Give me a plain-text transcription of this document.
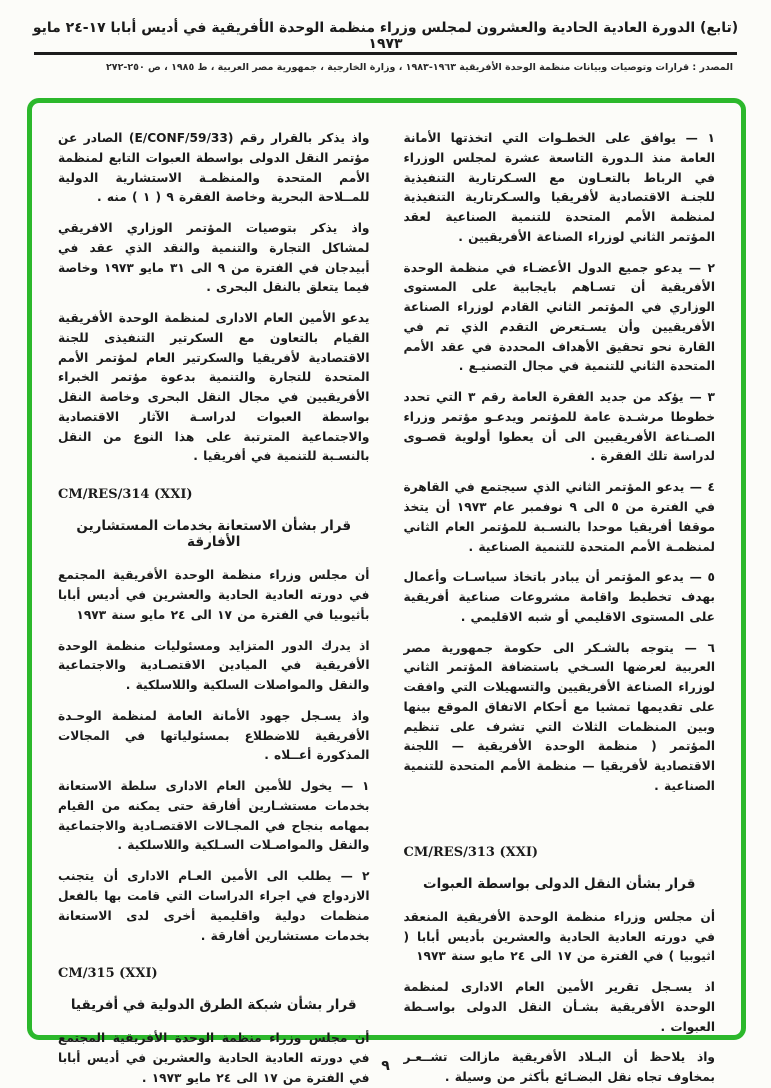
(تابع) الدورة العادية الحادية والعشرون لمجلس وزراء منظمة الوحدة الأفريقية في أديس أبابا ١٧-٢٤ مايو ١٩٧٣
المصدر : قرارات وتوصيات وبيانات منظمة الوحدة الأفريقية ١٩٦٣-١٩٨٣ ، وزارة الخارجية ، جمهورية مصر العربية ، ط ١٩٨٥ ، ص ٢٥٠-٢٧٢

١ — يوافق على الخطـوات التي اتخذتها الأمانة العامة منذ الـدورة التاسعة عشرة لمجلس الوزراء في الرباط بالتعـاون مع السـكرتارية التنفيذية للجنـة الاقتصادية لأفريقيا والسـكرتارية التنفيذية لمنظمة الأمم المتحدة للتنمية الصناعية لعقد المؤتمر الثاني لوزراء الصناعة الأفريقيين .

٢ — يدعو جميع الدول الأعضـاء في منظمة الوحدة الأفريقية أن تسـاهم بايجابية على المستوى الوزاري في المؤتمر الثاني القادم لوزراء الصناعة الأفريقيين وأن يسـتعرض التقدم الذي تم في القارة نحو تحقيق الأهداف المحددة في عقد الأمم المتحدة الثاني للتنمية في مجال التصنيـع .

٣ — يؤكد من جديد الفقرة العامة رقم ٣ التي تحدد خطوطا مرشـدة عامة للمؤتمر ويدعـو مؤتمر وزراء الصـناعة الأفريقيين الى أن يعطوا أولوية قصـوى لدراسة تلك الفقرة .

٤ — يدعو المؤتمر الثاني الذي سيجتمع في القاهرة في الفترة من ٥ الى ٩ نوفمبر عام ١٩٧٣ أن يتخذ موقفا أفريقيا موحدا بالنسـبة للمؤتمر العام الثاني لمنظمـة الأمم المتحدة للتنمية الصناعية .

٥ — يدعو المؤتمر أن يبادر باتخاذ سياسـات وأعمال بهدف تخطيط واقامة مشروعات صناعية أفريقية على المستوى الاقليمي أو شبه الاقليمي .

٦ — يتوجه بالشـكر الى حكومة جمهورية مصر العربية لعرضها السـخي باستضافة المؤتمر الثاني لوزراء الصناعة الأفريقيين والتسهيلات التي وافقت على تقديمها تمشيا مع أحكام الاتفاق الموقع بينها وبين المنظمات الثلاث التي تشرف على تنظيم المؤتمر ( منظمة الوحدة الأفريقية — اللجنة الاقتصادية لأفريقيا — منظمة الأمم المتحدة للتنمية الصناعية .

CM/RES/313 (XXI)
قرار بشأن النقل الدولى بواسطة العبوات

أن مجلس وزراء منظمة الوحدة الأفريقية المنعقد في دورته العادية الحادية والعشرين بأديس أبابا ( اثيوبيا ) في الفترة من ١٧ الى ٢٤ مايو سنة ١٩٧٣

اذ يسـجل تقرير الأمين العام الادارى لمنظمة الوحدة الأفريقية بشـأن النقل الدولى بواسـطة العبوات .

واذ يلاحظ أن البـلاد الأفريقية مازالت تشــعـر بمخاوف تجاه نقل البضـائع بأكثر من وسيلة .

واذ يذكر بالقرار رقم (E/CONF/59/33) الصادر عن مؤتمر النقل الدولى بواسطة العبوات التابع لمنظمة الأمم المتحدة والمنظمـة الاستشارية الدولية للمــلاحة البحرية وخاصة الفقرة ٩ ( ١ ) منه .

واذ يذكر بتوصيات المؤتمر الوزاري الافريقي لمشاكل التجارة والتنمية والنقد الذي عقد في أبيدجان في الفترة من ٩ الى ٣١ مايو ١٩٧٣ وخاصة فيما يتعلق بالنقل البحرى .

يدعو الأمين العام الادارى لمنظمة الوحدة الأفريقية القيام بالتعاون مع السكرتير التنفيذى للجنة الاقتصادية لأفريقيا والسكرتير العام لمؤتمر الأمم المتحدة للتجارة والتنمية بدعوة مؤتمر الخبراء الأفريقيين في مجال النقل البحرى وخاصة النقل بواسطة العبوات لدراسـة الآثار الاقتصادية والاجتماعية المترتبة على هذا النوع من النقل بالنسـبة للتنمية في أفريقيا .

CM/RES/314 (XXI)
قرار بشأن الاستعانة بخدمات المستشارين الأفارقة

أن مجلس وزراء منظمة الوحدة الأفريقية المجتمع في دورته العادية الحادية والعشرين في أديس أبابا بأثيوبيا في الفترة من ١٧ الى ٢٤ مايو سنة ١٩٧٣

اذ يدرك الدور المتزايد ومسئوليات منظمة الوحدة الأفريقية في الميادين الاقتصـادية والاجتماعية والنقل والمواصلات السلكية واللاسلكية .

واذ يسـجل جهود الأمانة العامة لمنظمة الوحـدة الأفريقية للاضطلاع بمسئولياتها في المجالات المذكورة أعــلاه .

١ — يخول للأمين العام الادارى سلطة الاستعانة بخدمات مستشـارين أفارقة حتى يمكنه من القيام بمهامه بنجاح في المجـالات الاقتصـادية والاجتماعية والنقل والمواصـلات السـلكية واللاسلكية .

٢ — يطلب الى الأمين العـام الادارى أن يتجنب الازدواج في اجراء الدراسات التي قامت بها بالفعل منظمات دولية واقليمية أخرى لدى الاستعانة بخدمات مستشارين أفارقة .

CM/315 (XXI)
قرار بشأن شبكة الطرق الدولية في أفريقيا

أن مجلس وزراء منظمة الوحدة الأفريقية المجتمع في دورته العادية الحادية والعشرين في أديس أبابا في الفترة من ١٧ الى ٢٤ مايو ١٩٧٣ .

٩
